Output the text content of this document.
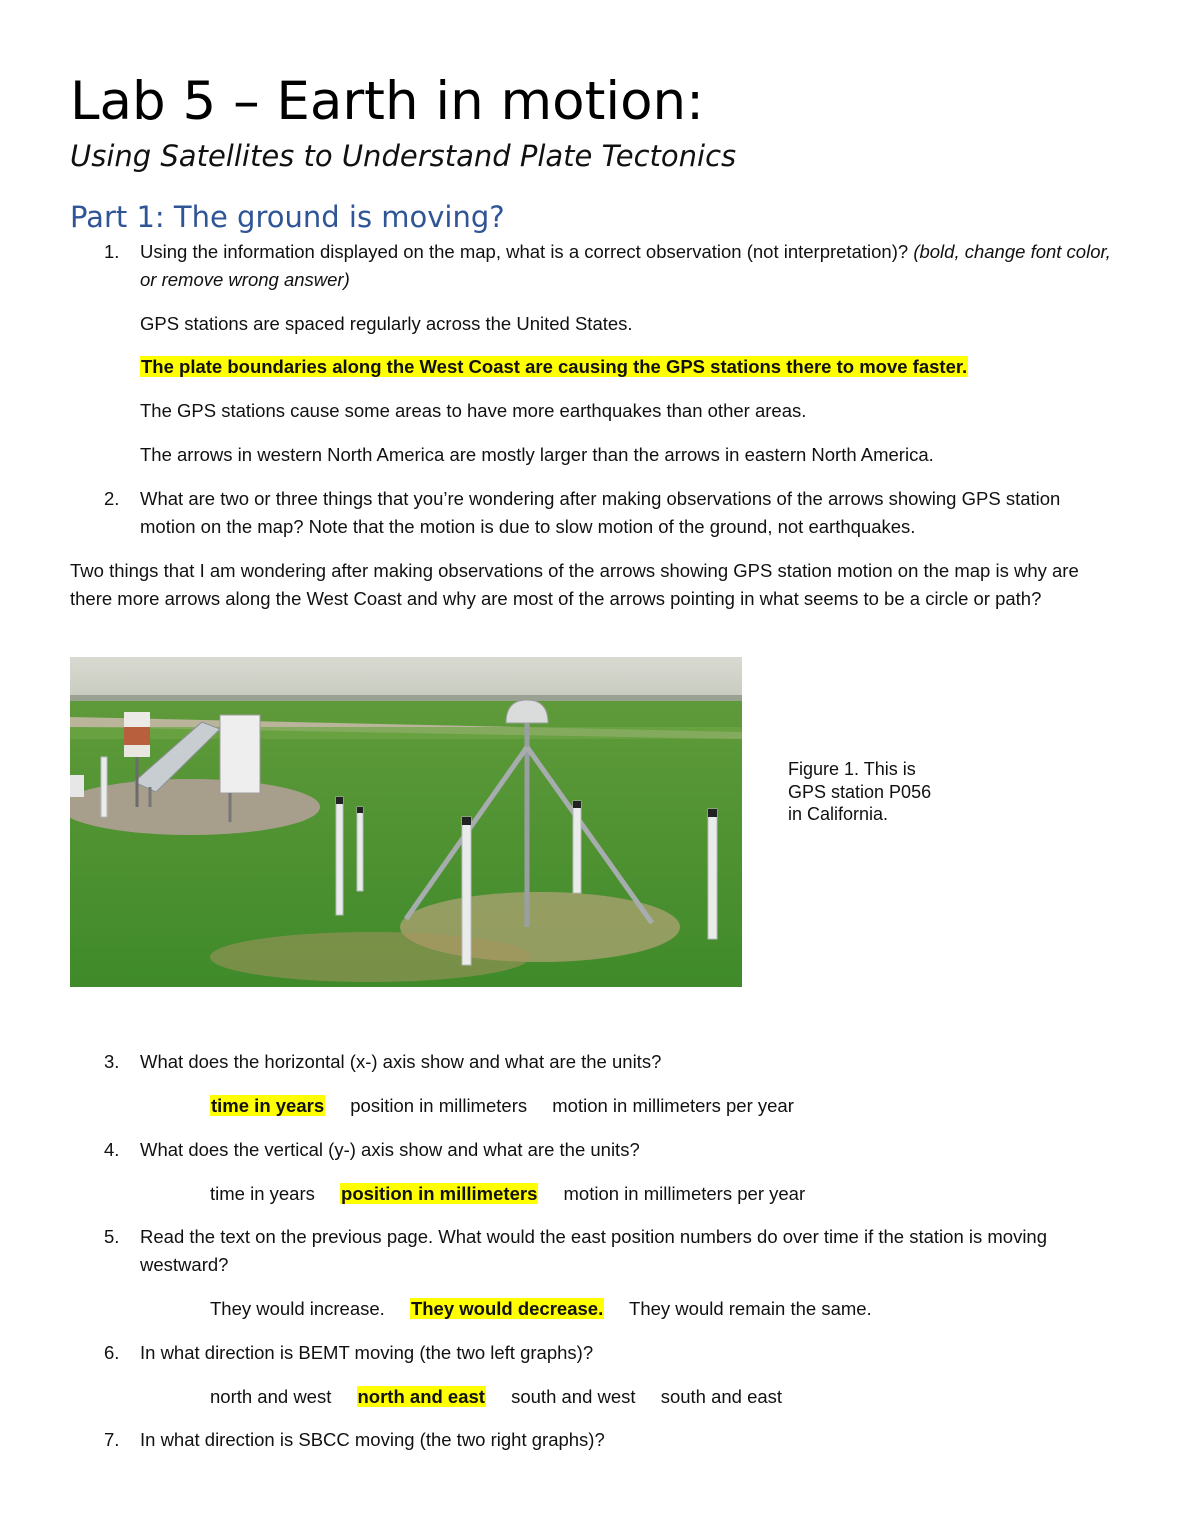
Lab 5 – Earth in motion:
Using Satellites to Understand Plate Tectonics
Part 1: The ground is moving?
1.	Using the information displayed on the map, what is a correct observation (not interpretation)? (bold, change font color, or remove wrong answer)
GPS stations are spaced regularly across the United States.
The plate boundaries along the West Coast are causing the GPS stations there to move faster.
The GPS stations cause some areas to have more earthquakes than other areas.
The arrows in western North America are mostly larger than the arrows in eastern North America.
2.	What are two or three things that you’re wondering after making observations of the arrows showing GPS station motion on the map? Note that the motion is due to slow motion of the ground, not earthquakes.
Two things that I am wondering after making observations of the arrows showing GPS station motion on the map is why are there more arrows along the West Coast and why are most of the arrows pointing in what seems to be a circle or path?
Figure 1. This is GPS station P056 in California.
3.	What does the horizontal (x-) axis show and what are the units?
time in years position in millimeters motion in millimeters per year
4.	What does the vertical (y-) axis show and what are the units?
time in years position in millimeters motion in millimeters per year
5.	Read the text on the previous page. What would the east position numbers do over time if the station is moving westward?
They would increase. They would decrease. They would remain the same.
6.	In what direction is BEMT moving (the two left graphs)?
north and west north and east south and west south and east
7.	In what direction is SBCC moving (the two right graphs)?
